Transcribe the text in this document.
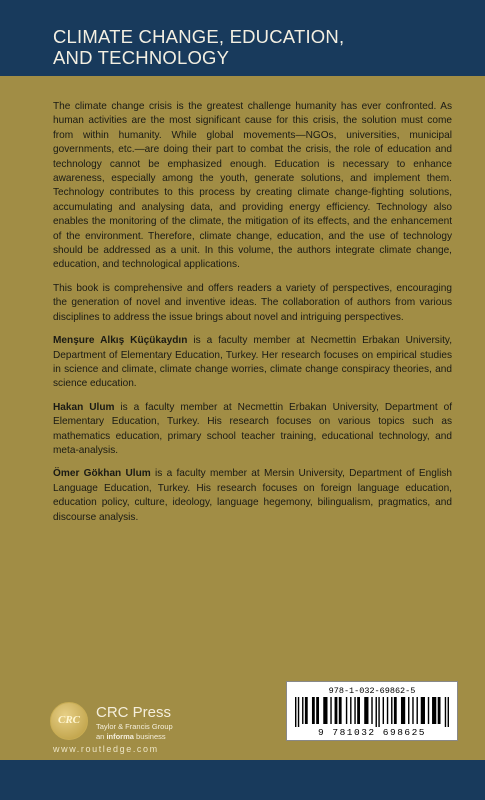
CLIMATE CHANGE, EDUCATION,
AND TECHNOLOGY

The climate change crisis is the greatest challenge humanity has ever confronted. As human activities are the most significant cause for this crisis, the solution must come from within humanity. While global movements—NGOs, universities, municipal governments, etc.—are doing their part to combat the crisis, the role of education and technology cannot be emphasized enough. Education is necessary to enhance awareness, especially among the youth, generate solutions, and implement them. Technology contributes to this process by creating climate change-fighting solutions, accumulating and analysing data, and providing energy efficiency. Technology also enables the monitoring of the climate, the mitigation of its effects, and the enhancement of the environment. Therefore, climate change, education, and the use of technology should be addressed as a unit. In this volume, the authors integrate climate change, education, and technological applications.

This book is comprehensive and offers readers a variety of perspectives, encouraging the generation of novel and inventive ideas. The collaboration of authors from various disciplines to address the issue brings about novel and intriguing perspectives.

Menşure Alkış Küçükaydın is a faculty member at Necmettin Erbakan University, Department of Elementary Education, Turkey. Her research focuses on empirical studies in science and climate, climate change worries, climate change conspiracy theories, and science education.

Hakan Ulum is a faculty member at Necmettin Erbakan University, Department of Elementary Education, Turkey. His research focuses on various topics such as mathematics education, primary school teacher training, educational technology, and meta-analysis.

Ömer Gökhan Ulum is a faculty member at Mersin University, Department of English Language Education, Turkey. His research focuses on foreign language education, education policy, culture, ideology, language hegemony, bilingualism, pragmatics, and discourse analysis.

CRC	CRC Press
Taylor & Francis Group
an informa business
www.routledge.com
978-1-032-69862-5
9 781032 698625
